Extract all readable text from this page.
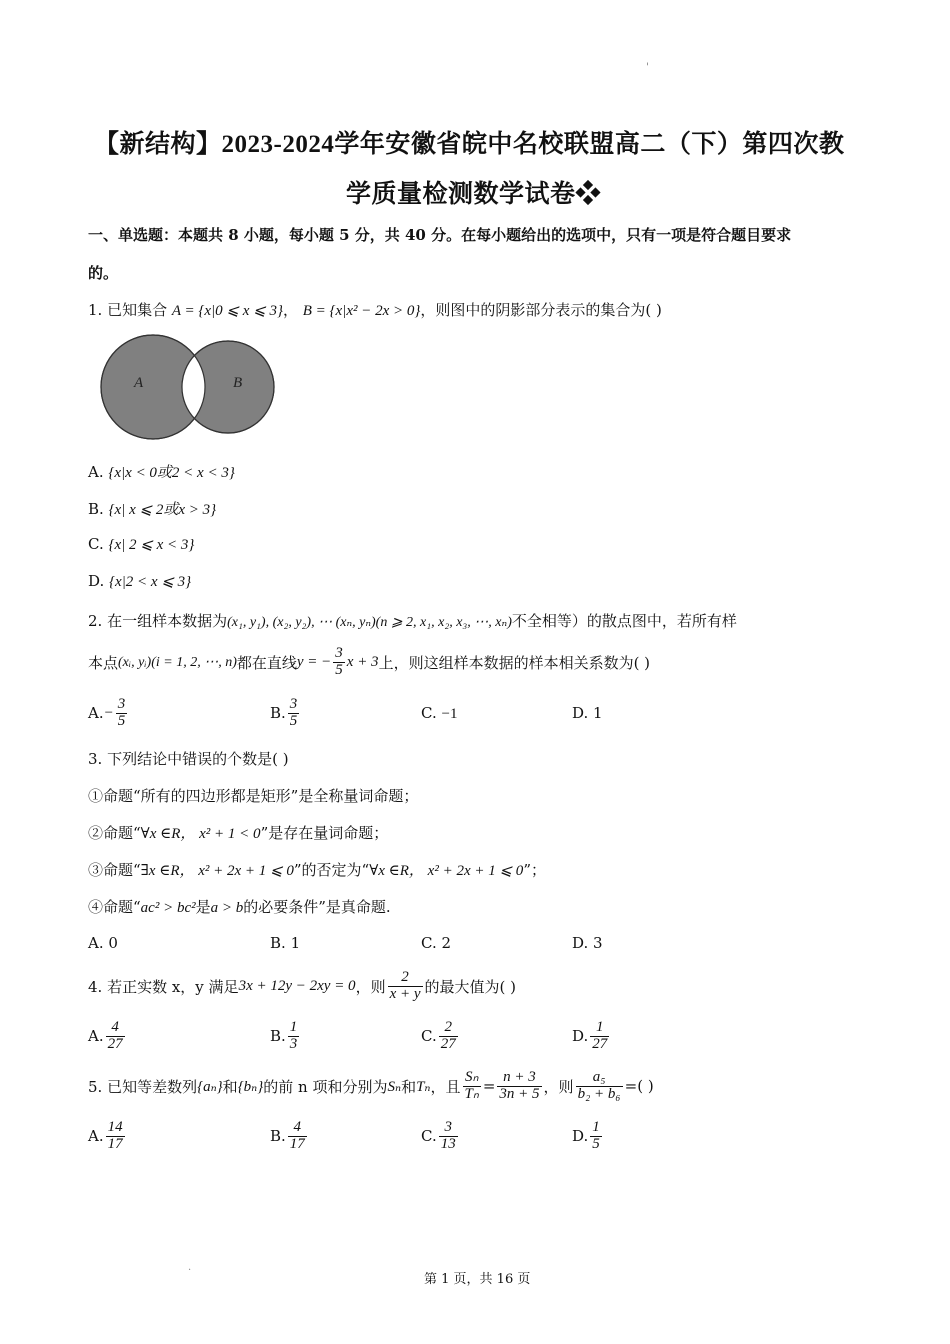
'
【新结构】2023-2024学年安徽省皖中名校联盟高二（下）第四次教
学质量检测数学试卷❖
一、单选题：本题共 8 小题，每小题 5 分，共 40 分。在每小题给出的选项中，只有一项是符合题目要求
的。
1. 已知集合 A = {x|0 ⩽ x ⩽ 3}， B = {x|x² − 2x > 0}，则图中的阴影部分表示的集合为( )
A	B
A. {x|x < 0或2 < x < 3}
B. {x| x ⩽ 2或x > 3}
C. {x| 2 ⩽ x < 3}
D. {x|2 < x ⩽ 3}
2. 在一组样本数据为(x₁, y₁), (x₂, y₂), ⋯ (xₙ, yₙ)(n ⩾ 2, x₁, x₂, x₃, ⋯, xₙ)不全相等）的散点图中，若所有样
本点 (xᵢ, yᵢ)(i = 1, 2, ⋯, n) 都在直线 y = − $\frac{3}{5}$ x + 3 上，则这组样本数据的样本相关系数为( )
A. − $\frac{3}{5}$	B. $\frac{3}{5}$	C. −1	D. 1
3. 下列结论中错误的个数是( )
①命题“所有的四边形都是矩形”是全称量词命题；
②命题“∀x ∈R， x² + 1 < 0”是存在量词命题；
③命题“∃x ∈R， x² + 2x + 1 ⩽ 0”的否定为“∀x ∈R， x² + 2x + 1 ⩽ 0”；
④命题“ac² > bc²是a > b的必要条件”是真命题.
A. 0	B. 1	C. 2	D. 3
4. 若正实数 x，y 满足 3x + 12y − 2xy = 0 ，则 $\frac{2}{x + y}$ 的最大值为( )
A. $\frac{4}{27}$	B. $\frac{1}{3}$	C. $\frac{2}{27}$	D. $\frac{1}{27}$
5. 已知等差数列 {aₙ} 和 {bₙ} 的前 n 项和分别为 Sₙ 和 Tₙ ，且 $\frac{\text{Sₙ}}{\text{Tₙ}} = \frac{n + 3}{3n + 5}$ ，则 $\frac{\text{a₅}}{\text{b₂ + b₆}}$ =( )
A. $\frac{14}{17}$	B. $\frac{4}{17}$	C. $\frac{3}{13}$	D. $\frac{1}{5}$
.
第 1 页，共 16 页
